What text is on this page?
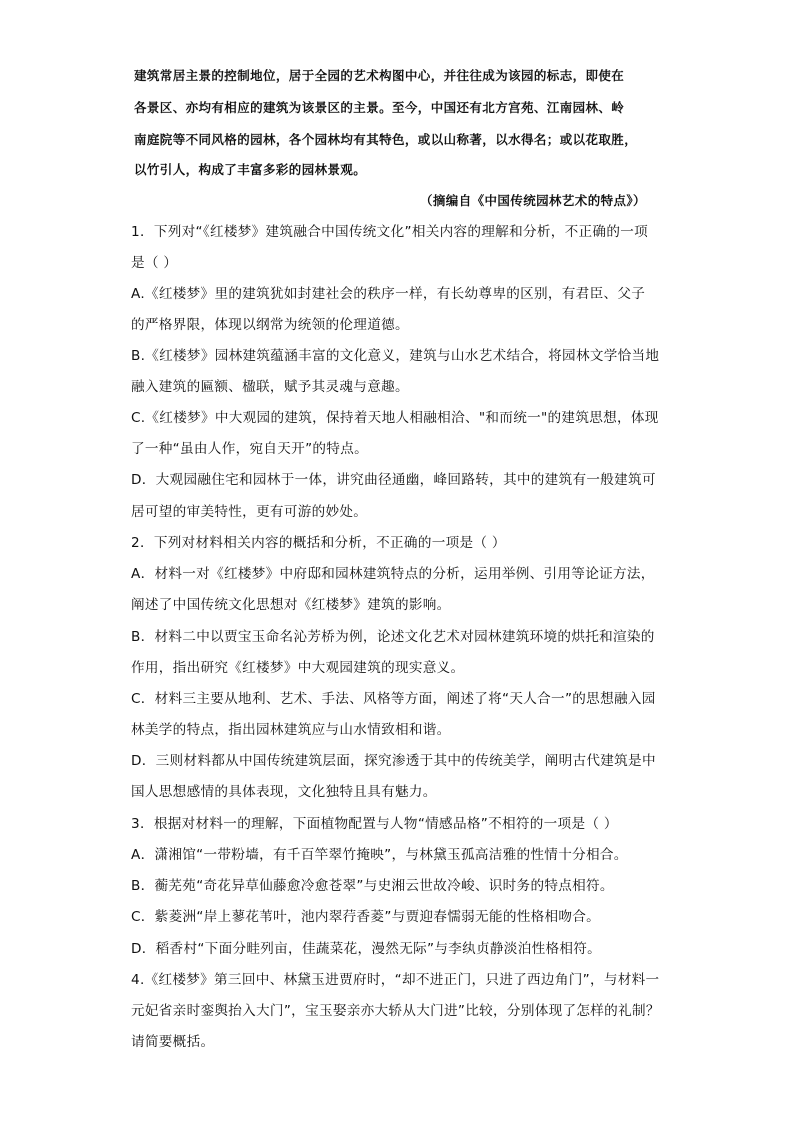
建筑常居主景的控制地位，居于全园的艺术构图中心，并往往成为该园的标志，即使在
各景区、亦均有相应的建筑为该景区的主景。至今，中国还有北方宫苑、江南园林、岭
南庭院等不同风格的园林，各个园林均有其特色，或以山称著，以水得名；或以花取胜，
以竹引人，构成了丰富多彩的园林景观。
（摘编自《中国传统园林艺术的特点》）
1．下列对“《红楼梦》建筑融合中国传统文化”相关内容的理解和分析，不正确的一项
是（ ）
A.《红楼梦》里的建筑犹如封建社会的秩序一样，有长幼尊卑的区别，有君臣、父子
的严格界限，体现以纲常为统领的伦理道德。
B.《红楼梦》园林建筑蕴涵丰富的文化意义，建筑与山水艺术结合，将园林文学恰当地
融入建筑的匾额、楹联，赋予其灵魂与意趣。
C.《红楼梦》中大观园的建筑，保持着天地人相融相洽、"和而统一"的建筑思想，体现
了一种“虽由人作，宛自天开”的特点。
D．大观园融住宅和园林于一体，讲究曲径通幽，峰回路转，其中的建筑有一般建筑可
居可望的审美特性，更有可游的妙处。
2．下列对材料相关内容的概括和分析，不正确的一项是（ ）
A．材料一对《红楼梦》中府邸和园林建筑特点的分析，运用举例、引用等论证方法，
阐述了中国传统文化思想对《红楼梦》建筑的影响。
B．材料二中以贾宝玉命名沁芳桥为例，论述文化艺术对园林建筑环境的烘托和渲染的
作用，指出研究《红楼梦》中大观园建筑的现实意义。
C．材料三主要从地利、艺术、手法、风格等方面，阐述了将“天人合一”的思想融入园
林美学的特点，指出园林建筑应与山水情致相和谐。
D．三则材料都从中国传统建筑层面，探究渗透于其中的传统美学，阐明古代建筑是中
国人思想感情的具体表现，文化独特且具有魅力。
3．根据对材料一的理解，下面植物配置与人物“情感品格”不相符的一项是（ ）
A．潇湘馆“一带粉墙，有千百竿翠竹掩映”，与林黛玉孤高洁雅的性情十分相合。
B．蘅芜苑“奇花异草仙藤愈冷愈苍翠”与史湘云世故冷峻、识时务的特点相符。
C．紫菱洲“岸上蓼花苇叶，池内翠荇香菱”与贾迎春懦弱无能的性格相吻合。
D．稻香村“下面分畦列亩，佳蔬菜花，漫然无际”与李纨贞静淡泊性格相符。
4.《红楼梦》第三回中、林黛玉进贾府时，“却不进正门，只进了西边角门”，与材料一
元妃省亲时銮舆抬入大门”，宝玉娶亲亦大轿从大门进”比较，分别体现了怎样的礼制？
请简要概括。
